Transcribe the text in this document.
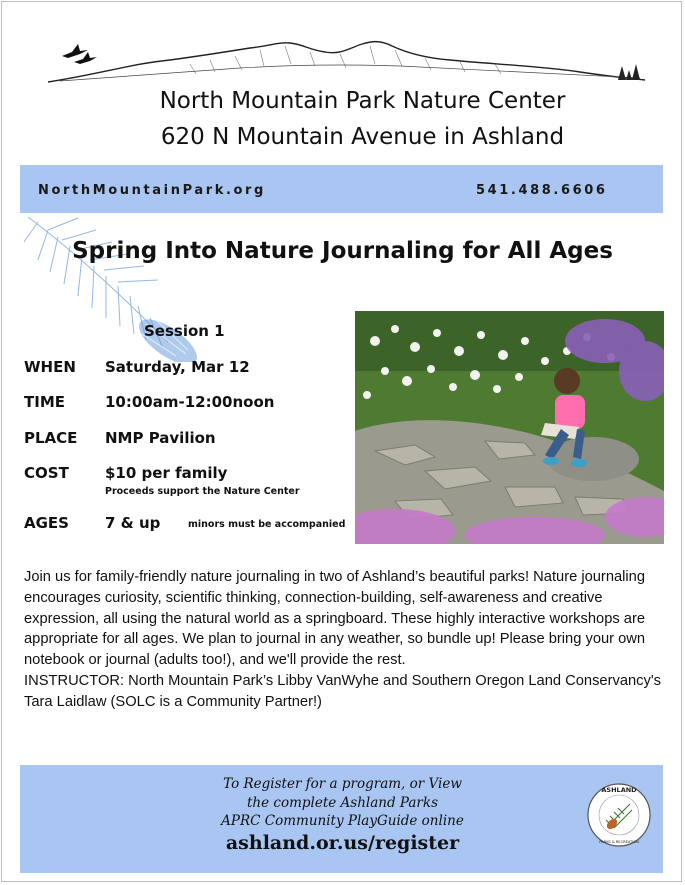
North Mountain Park Nature Center
620 N Mountain Avenue in Ashland
NorthMountainPark.org	541.488.6606
Spring Into Nature Journaling for All Ages
Session 1
WHEN	Saturday, Mar 12
TIME	10:00am-12:00noon
PLACE	NMP Pavilion
COST	$10 per family
Proceeds support the Nature Center
AGES	7 & up	minors must be accompanied

Join us for family-friendly nature journaling in two of Ashland’s beautiful parks! Nature journaling encourages curiosity, scientific thinking, connection-building, self-awareness and creative expression, all using the natural world as a springboard. These highly interactive workshops are appropriate for all ages. We plan to journal in any weather, so bundle up! Please bring your own notebook or journal (adults too!), and we'll provide the rest.

INSTRUCTOR: North Mountain Park’s Libby VanWyhe and Southern Oregon Land Conservancy's Tara Laidlaw (SOLC is a Community Partner!)

To Register for a program, or View
the complete Ashland Parks
APRC Community PlayGuide online
ashland.or.us/register
ASHLAND
PARKS & RECREATION
